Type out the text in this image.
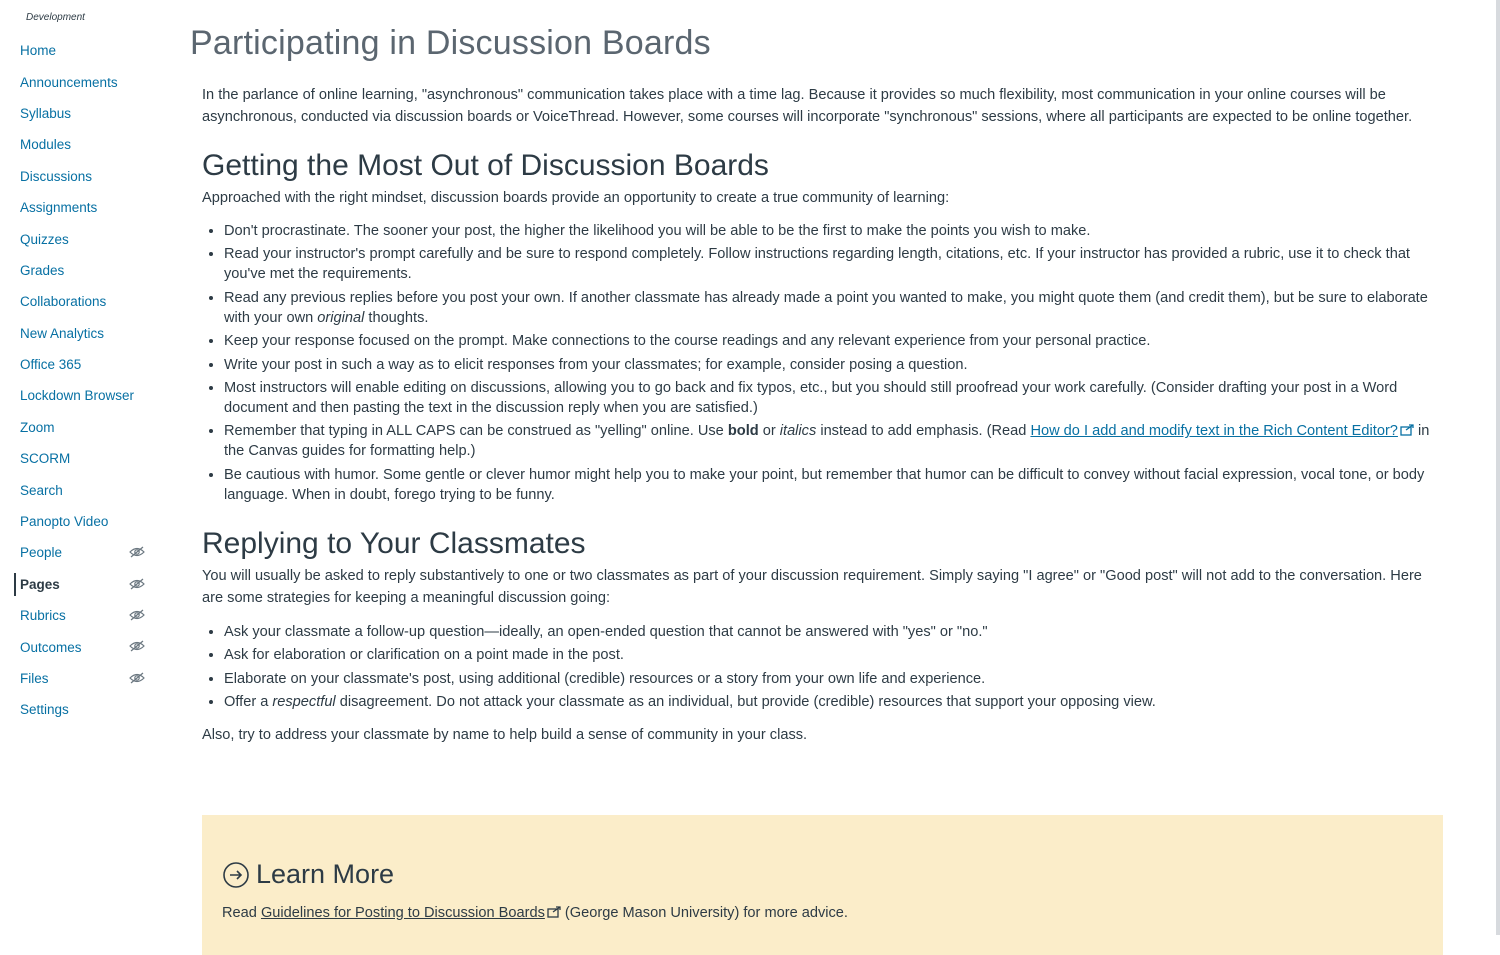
Development
Home
Announcements
Syllabus
Modules
Discussions
Assignments
Quizzes
Grades
Collaborations
New Analytics
Office 365
Lockdown Browser
Zoom
SCORM
Search
Panopto Video
People
Pages
Rubrics
Outcomes
Files
Settings
Participating in Discussion Boards

In the parlance of online learning, "asynchronous" communication takes place with a time lag. Because it provides so much flexibility, most communication in your online courses will be asynchronous, conducted via discussion boards or VoiceThread. However, some courses will incorporate "synchronous" sessions, where all participants are expected to be online together.

Getting the Most Out of Discussion Boards

Approached with the right mindset, discussion boards provide an opportunity to create a true community of learning:

• Don't procrastinate. The sooner your post, the higher the likelihood you will be able to be the first to make the points you wish to make.
• Read your instructor's prompt carefully and be sure to respond completely. Follow instructions regarding length, citations, etc. If your instructor has provided a rubric, use it to check that you've met the requirements.
• Read any previous replies before you post your own. If another classmate has already made a point you wanted to make, you might quote them (and credit them), but be sure to elaborate with your own original thoughts.
• Keep your response focused on the prompt. Make connections to the course readings and any relevant experience from your personal practice.
• Write your post in such a way as to elicit responses from your classmates; for example, consider posing a question.
• Most instructors will enable editing on discussions, allowing you to go back and fix typos, etc., but you should still proofread your work carefully. (Consider drafting your post in a Word document and then pasting the text in the discussion reply when you are satisfied.)
• Remember that typing in ALL CAPS can be construed as "yelling" online. Use bold or italics instead to add emphasis. (Read How do I add and modify text in the Rich Content Editor? in the Canvas guides for formatting help.)
• Be cautious with humor. Some gentle or clever humor might help you to make your point, but remember that humor can be difficult to convey without facial expression, vocal tone, or body language. When in doubt, forego trying to be funny.
Replying to Your Classmates

You will usually be asked to reply substantively to one or two classmates as part of your discussion requirement. Simply saying "I agree" or "Good post" will not add to the conversation. Here are some strategies for keeping a meaningful discussion going:

• Ask your classmate a follow-up question—ideally, an open-ended question that cannot be answered with "yes" or "no."
• Ask for elaboration or clarification on a point made in the post.
• Elaborate on your classmate's post, using additional (credible) resources or a story from your own life and experience.
• Offer a respectful disagreement. Do not attack your classmate as an individual, but provide (credible) resources that support your opposing view.

Also, try to address your classmate by name to help build a sense of community in your class.

Learn More
Read Guidelines for Posting to Discussion Boards (George Mason University) for more advice.
